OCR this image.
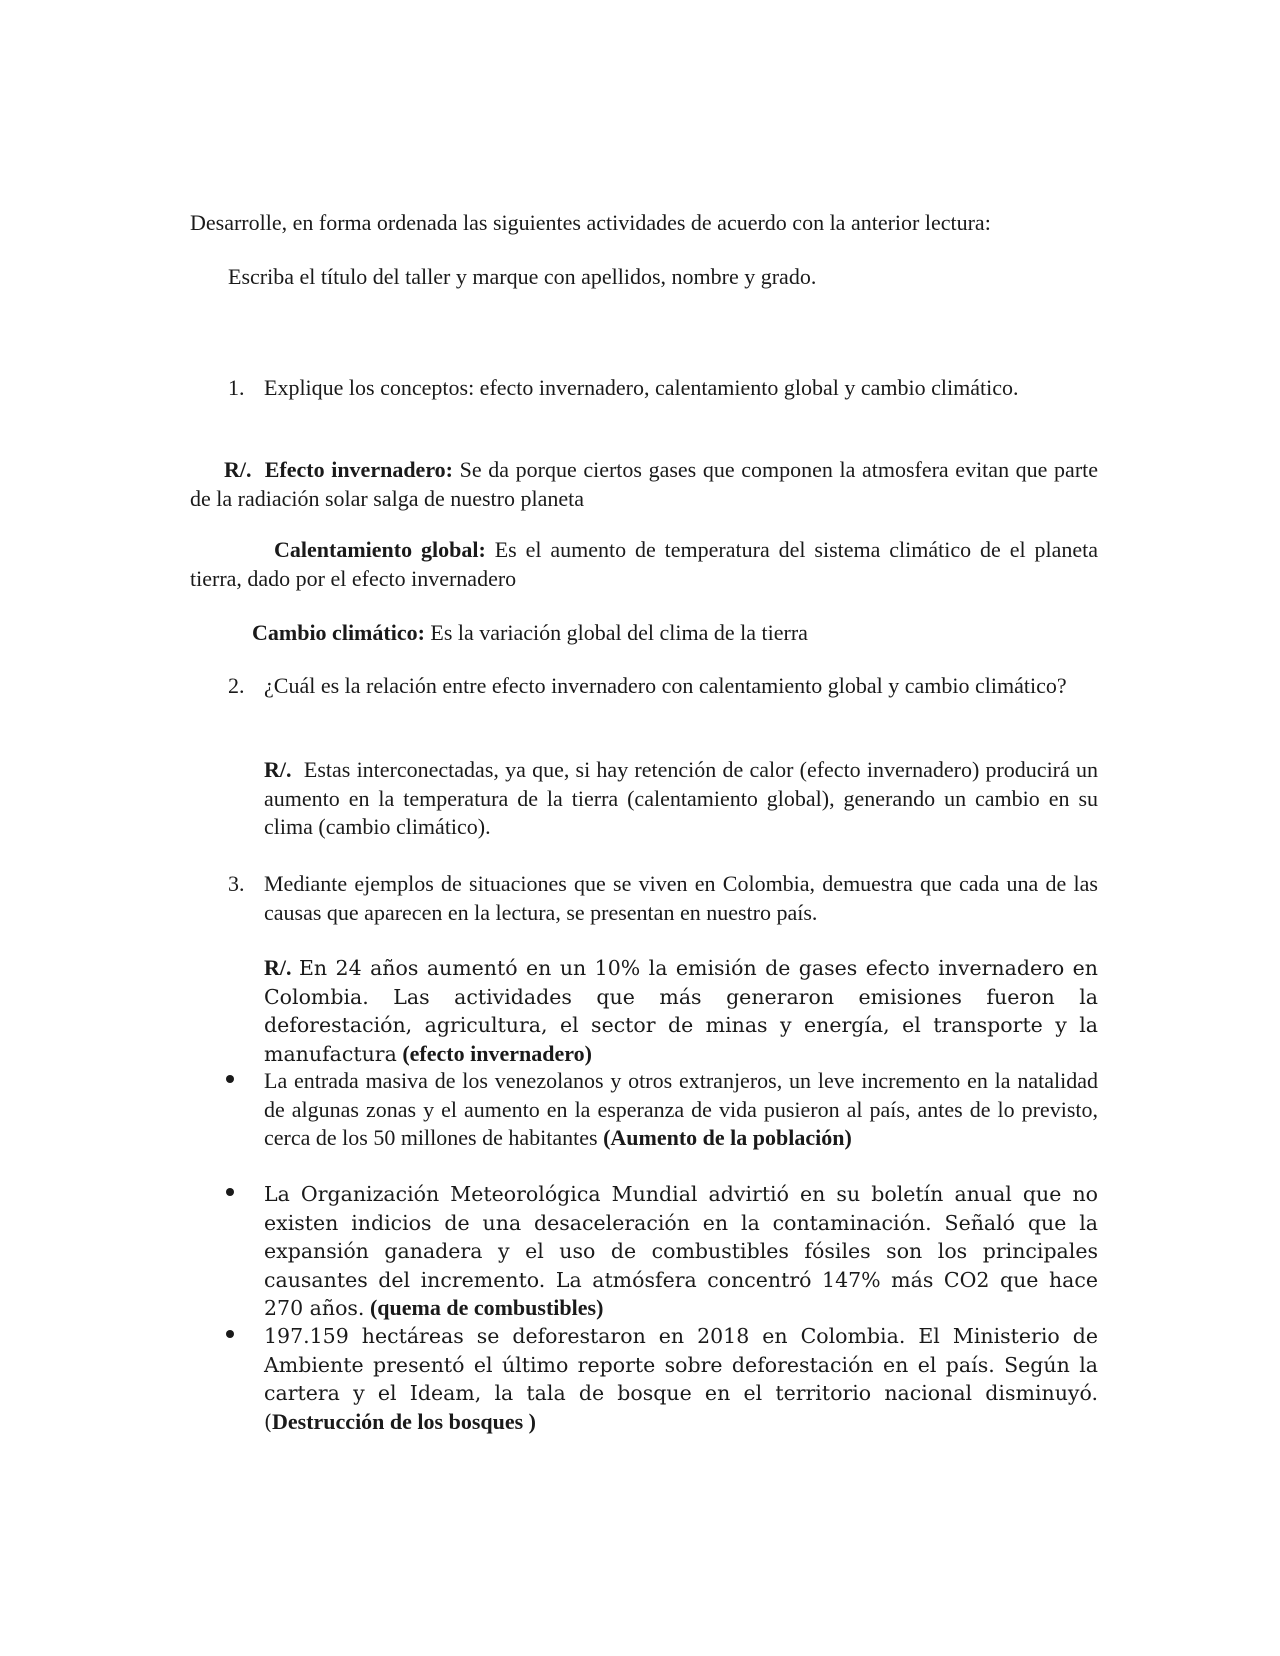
Desarrolle, en forma ordenada las siguientes actividades de acuerdo con la anterior lectura:
Escriba el título del taller y marque con apellidos, nombre y grado.
1. Explique los conceptos: efecto invernadero, calentamiento global y cambio climático.

R/. Efecto invernadero: Se da porque ciertos gases que componen la atmosfera evitan que parte de la radiación solar salga de nuestro planeta

Calentamiento global: Es el aumento de temperatura del sistema climático de el planeta tierra, dado por el efecto invernadero

Cambio climático: Es la variación global del clima de la tierra
2. ¿Cuál es la relación entre efecto invernadero con calentamiento global y cambio climático?

R/. Estas interconectadas, ya que, si hay retención de calor (efecto invernadero) producirá un aumento en la temperatura de la tierra (calentamiento global), generando un cambio en su clima (cambio climático).

3. Mediante ejemplos de situaciones que se viven en Colombia, demuestra que cada una de las causas que aparecen en la lectura, se presentan en nuestro país.

R/. En 24 años aumentó en un 10% la emisión de gases efecto invernadero en Colombia. Las actividades que más generaron emisiones fueron la deforestación, agricultura, el sector de minas y energía, el transporte y la manufactura (efecto invernadero)

La entrada masiva de los venezolanos y otros extranjeros, un leve incremento en la natalidad de algunas zonas y el aumento en la esperanza de vida pusieron al país, antes de lo previsto, cerca de los 50 millones de habitantes (Aumento de la población)

La Organización Meteorológica Mundial advirtió en su boletín anual que no existen indicios de una desaceleración en la contaminación. Señaló que la expansión ganadera y el uso de combustibles fósiles son los principales causantes del incremento. La atmósfera concentró 147% más CO2 que hace 270 años. (quema de combustibles)

197.159 hectáreas se deforestaron en 2018 en Colombia. El Ministerio de Ambiente presentó el último reporte sobre deforestación en el país. Según la cartera y el Ideam, la tala de bosque en el territorio nacional disminuyó. (Destrucción de los bosques )
